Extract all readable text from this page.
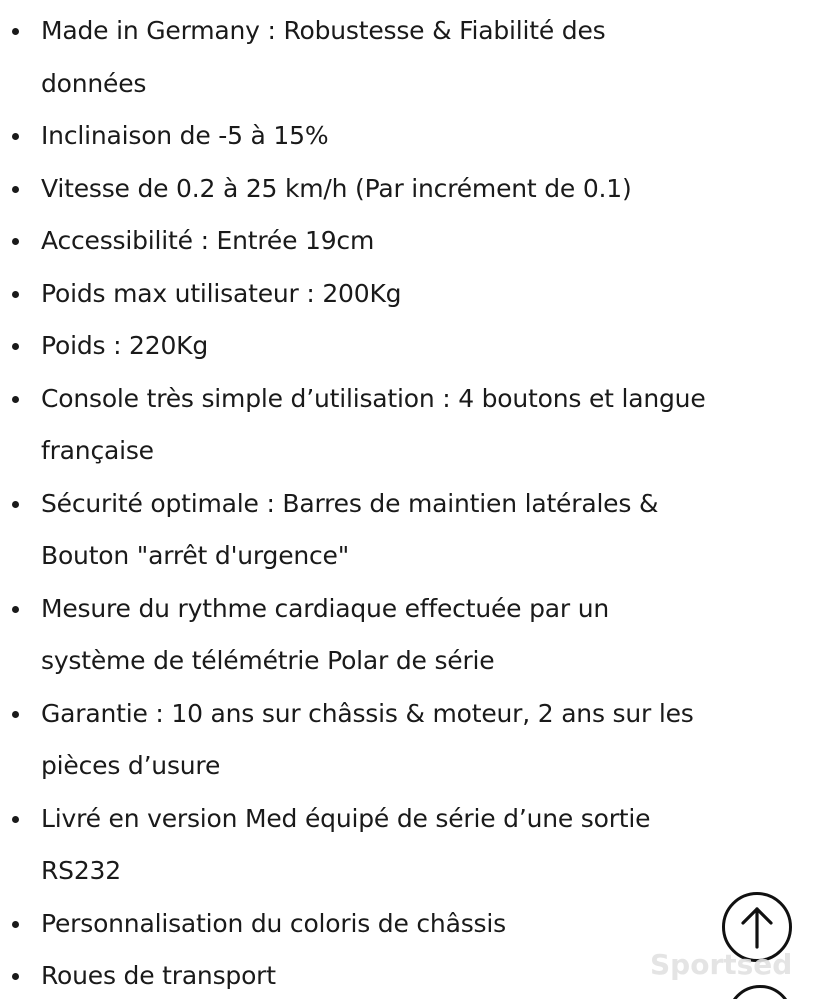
Made in Germany : Robustesse & Fiabilité des
données
Inclinaison de -5 à 15%
Vitesse de 0.2 à 25 km/h (Par incrément de 0.1)
Accessibilité : Entrée 19cm
Poids max utilisateur : 200Kg
Poids : 220Kg
Console très simple d’utilisation : 4 boutons et langue
française
Sécurité optimale : Barres de maintien latérales &
Bouton "arrêt d'urgence"
Mesure du rythme cardiaque effectuée par un
système de télémétrie Polar de série
Garantie : 10 ans sur châssis & moteur, 2 ans sur les
pièces d’usure
Livré en version Med équipé de série d’une sortie
RS232
Personnalisation du coloris de châssis
Roues de transport	Sportsed
